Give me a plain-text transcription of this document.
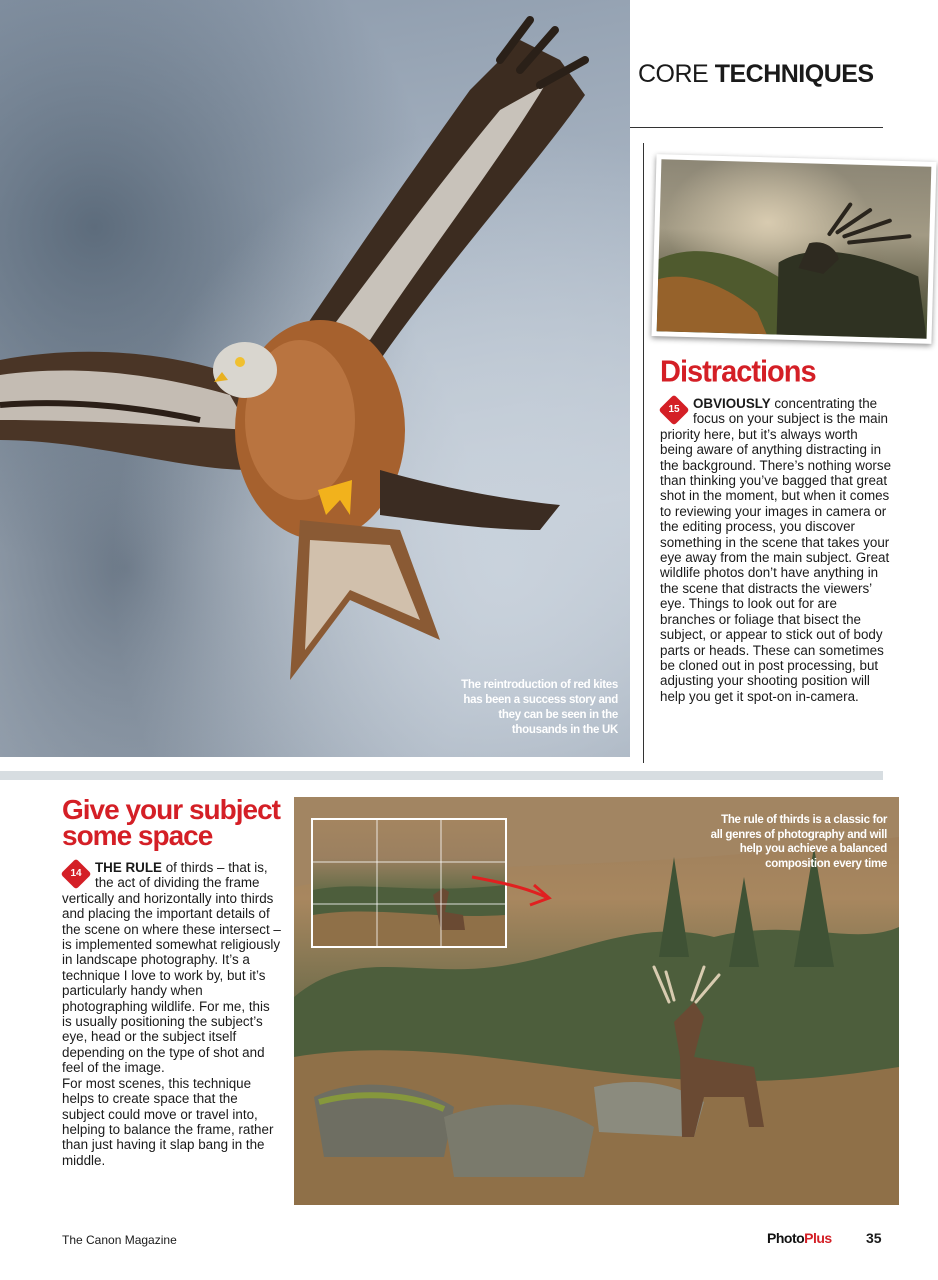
The reintroduction of red kites has been a success story and they can be seen in the thousands in the UK
CORE TECHNIQUES
Distractions
15	OBVIOUSLY concentrating the focus on your subject is the main priority here, but it’s always worth being aware of anything distracting in the background. There’s nothing worse than thinking you’ve bagged that great shot in the moment, but when it comes to reviewing your images in camera or the editing process, you discover something in the scene that takes your eye away from the main subject. Great wildlife photos don’t have anything in the scene that distracts the viewers’ eye. Things to look out for are branches or foliage that bisect the subject, or appear to stick out of body parts or heads. These can sometimes be cloned out in post processing, but adjusting your shooting position will help you get it spot-on in-camera.
Give your subject some space
14	THE RULE of thirds – that is, the act of dividing the frame vertically and horizontally into thirds and placing the important details of the scene on where these intersect – is implemented somewhat religiously in landscape photography. It’s a technique I love to work by, but it’s particularly handy when photographing wildlife. For me, this is usually positioning the subject’s eye, head or the subject itself depending on the type of shot and feel of the image.
For most scenes, this technique helps to create space that the subject could move or travel into, helping to balance the frame, rather than just having it slap bang in the middle.
The rule of thirds is a classic for all genres of photography and will help you achieve a balanced composition every time
The Canon Magazine	PhotoPlus 35
